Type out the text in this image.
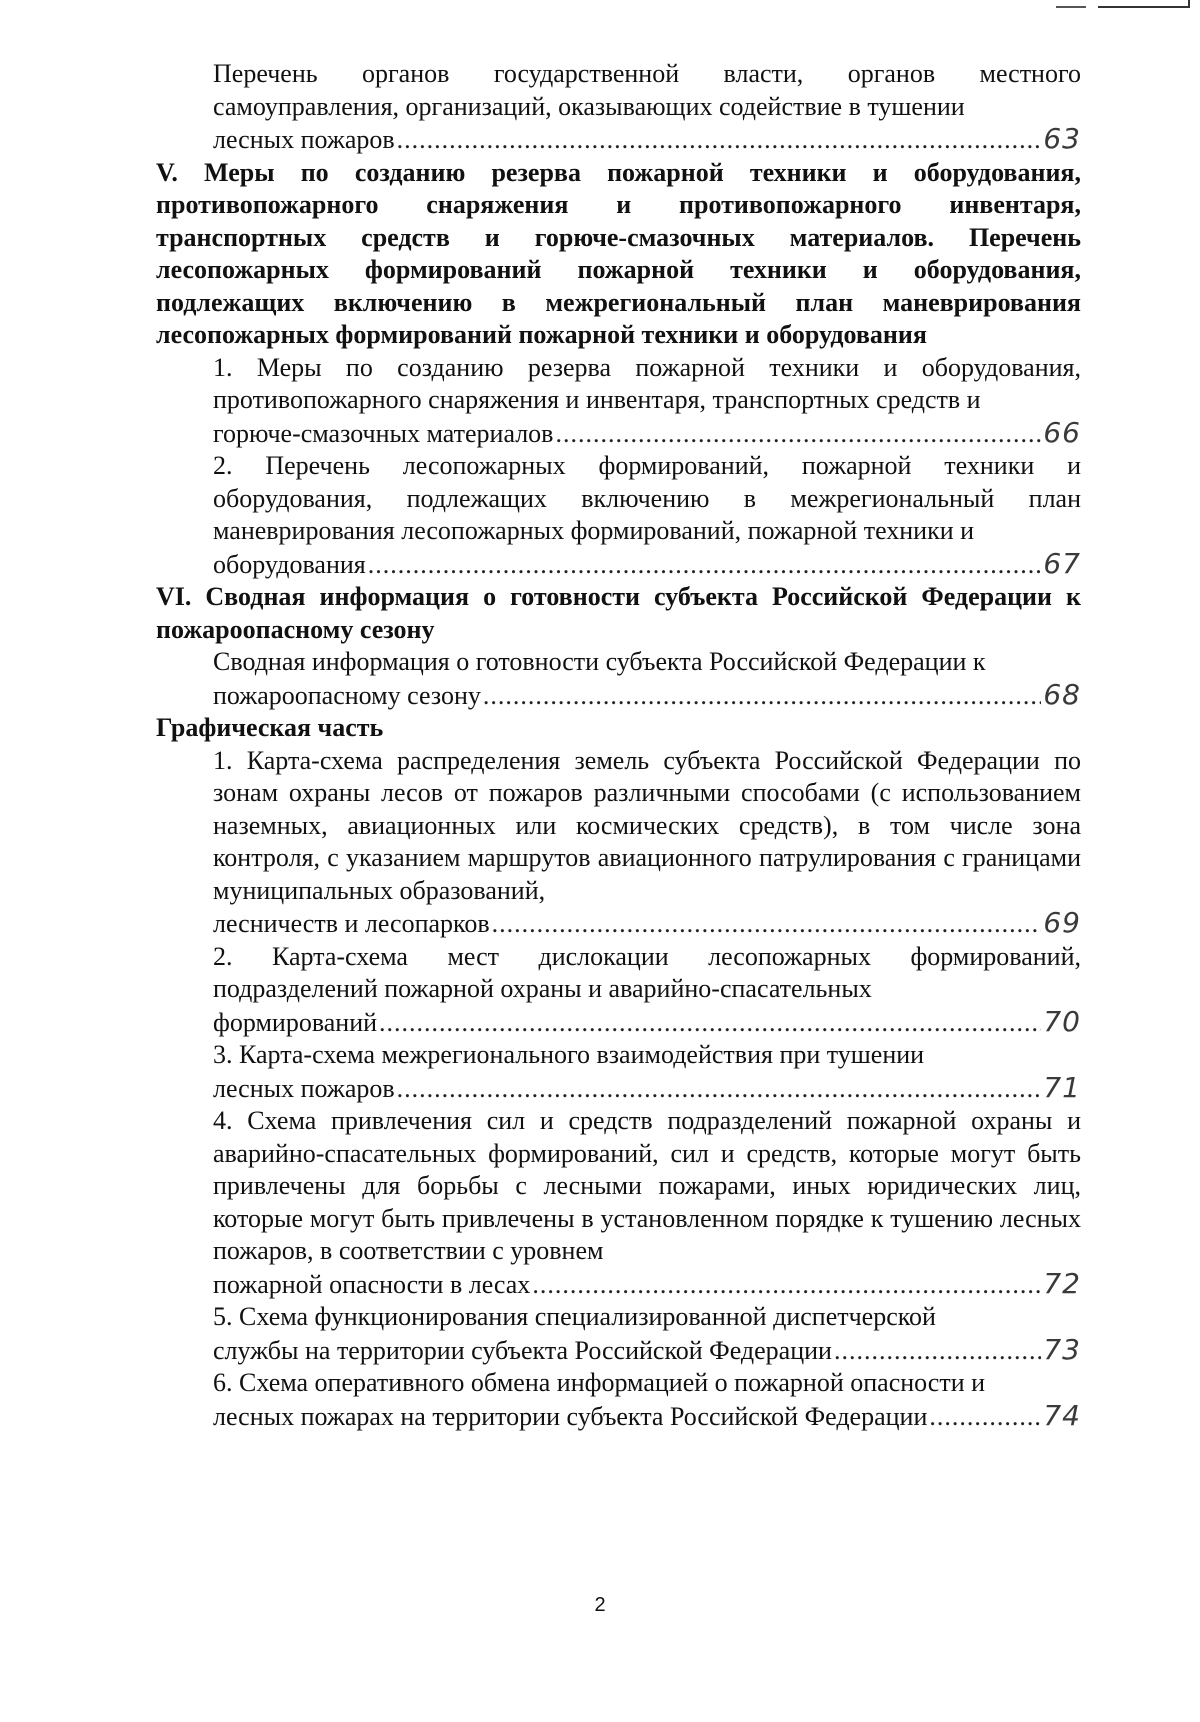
Перечень органов государственной власти, органов местного самоуправления, организаций, оказывающих содействие в тушении
лесных пожаров .....	63
V. Меры по созданию резерва пожарной техники и оборудования, противопожарного снаряжения и противопожарного инвентаря, транспортных средств и горюче-смазочных материалов. Перечень лесопожарных формирований пожарной техники и оборудования, подлежащих включению в межрегиональный план маневрирования лесопожарных формирований пожарной техники и оборудования
1. Меры по созданию резерва пожарной техники и оборудования, противопожарного снаряжения и инвентаря, транспортных средств и
горюче-смазочных материалов .....	66
2. Перечень лесопожарных формирований, пожарной техники и оборудования, подлежащих включению в межрегиональный план маневрирования лесопожарных формирований, пожарной техники и
оборудования .....	67
VI. Сводная информация о готовности субъекта Российской Федерации к пожароопасному сезону
Сводная информация о готовности субъекта Российской Федерации к
пожароопасному сезону .....	68
Графическая часть
1. Карта-схема распределения земель субъекта Российской Федерации по зонам охраны лесов от пожаров различными способами (с использованием наземных, авиационных или космических средств), в том числе зона контроля, с указанием маршрутов авиационного патрулирования с границами муниципальных образований,
лесничеств и лесопарков .....	69
2. Карта-схема мест дислокации лесопожарных формирований, подразделений пожарной охраны и аварийно-спасательных
формирований .....	70
3. Карта-схема межрегионального взаимодействия при тушении
лесных пожаров .....	71
4. Схема привлечения сил и средств подразделений пожарной охраны и аварийно-спасательных формирований, сил и средств, которые могут быть привлечены для борьбы с лесными пожарами, иных юридических лиц, которые могут быть привлечены в установленном порядке к тушению лесных пожаров, в соответствии с уровнем
пожарной опасности в лесах .....	72
5. Схема функционирования специализированной диспетчерской
службы на территории субъекта Российской Федерации .....	73
6. Схема оперативного обмена информацией о пожарной опасности и
лесных пожарах на территории субъекта Российской Федерации .....	74
2
